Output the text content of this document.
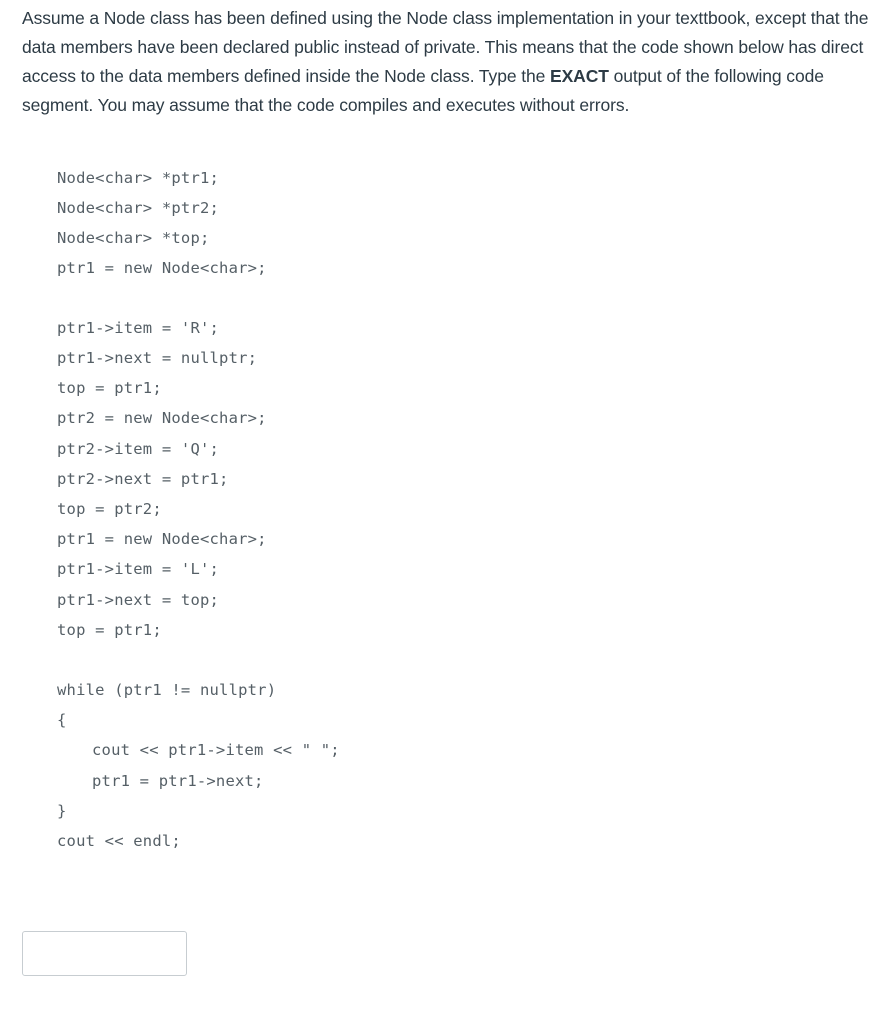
Assume a Node class has been defined using the Node class implementation in your texttbook, except that the data members have been declared public instead of private. This means that the code shown below has direct access to the data members defined inside the Node class. Type the EXACT output of the following code segment. You may assume that the code compiles and executes without errors.
Node<char> *ptr1;
Node<char> *ptr2;
Node<char> *top;
ptr1 = new Node<char>;
ptr1->item = 'R';
ptr1->next = nullptr;
top = ptr1;
ptr2 = new Node<char>;
ptr2->item = 'Q';
ptr2->next = ptr1;
top = ptr2;
ptr1 = new Node<char>;
ptr1->item = 'L';
ptr1->next = top;
top = ptr1;
while (ptr1 != nullptr)
{
cout << ptr1->item << " ";
ptr1 = ptr1->next;
}
cout << endl;
